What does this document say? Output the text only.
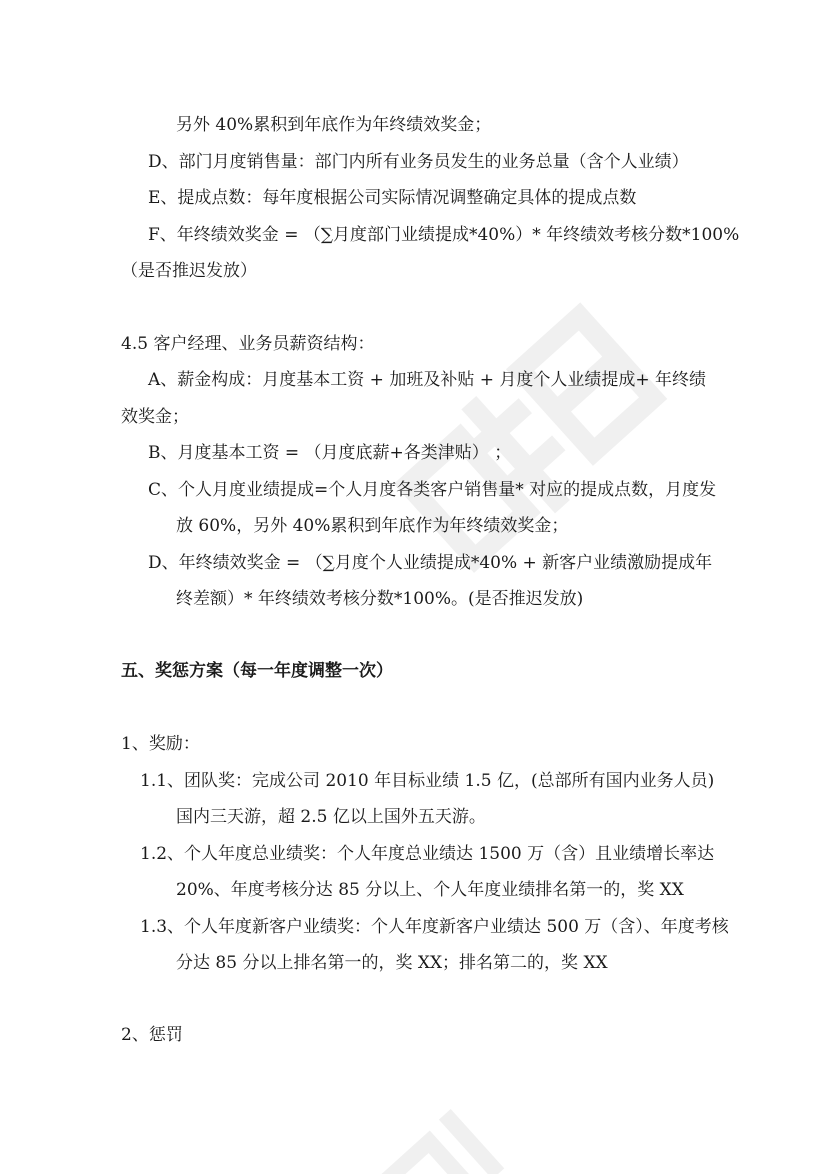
另外 40%累积到年底作为年终绩效奖金；
D、部门月度销售量：部门内所有业务员发生的业务总量（含个人业绩）
E、提成点数：每年度根据公司实际情况调整确定具体的提成点数
F、年终绩效奖金 = （∑月度部门业绩提成*40%）* 年终绩效考核分数*100%
（是否推迟发放）
4.5 客户经理、业务员薪资结构：
A、薪金构成：月度基本工资 + 加班及补贴 + 月度个人业绩提成+ 年终绩
效奖金；
B、月度基本工资 = （月度底薪+各类津贴） ；
C、个人月度业绩提成=个人月度各类客户销售量* 对应的提成点数，月度发
放 60%，另外 40%累积到年底作为年终绩效奖金；
D、年终绩效奖金 = （∑月度个人业绩提成*40% + 新客户业绩激励提成年
终差额）* 年终绩效考核分数*100%。(是否推迟发放)
五、奖惩方案（每一年度调整一次）
1、奖励：
1.1、团队奖：完成公司 2010 年目标业绩 1.5 亿，(总部所有国内业务人员)
国内三天游，超 2.5 亿以上国外五天游。
1.2、个人年度总业绩奖：个人年度总业绩达 1500 万（含）且业绩增长率达
20%、年度考核分达 85 分以上、个人年度业绩排名第一的，奖 XX
1.3、个人年度新客户业绩奖：个人年度新客户业绩达 500 万（含）、年度考核
分达 85 分以上排名第一的，奖 XX；排名第二的，奖 XX
2、惩罚
